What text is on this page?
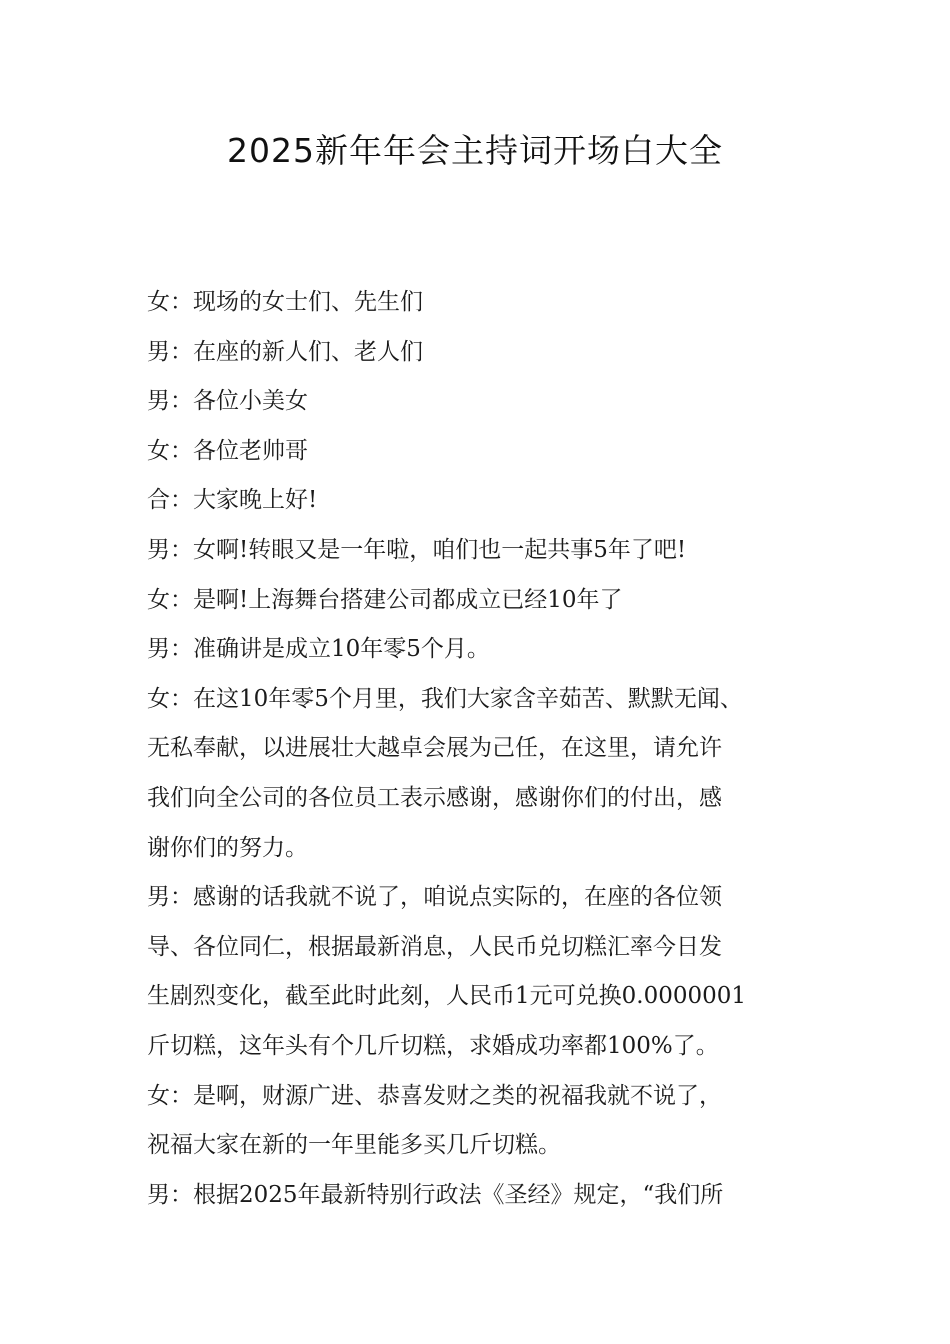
2025新年年会主持词开场白大全
女：现场的女士们、先生们
男：在座的新人们、老人们
男：各位小美女
女：各位老帅哥
合：大家晚上好!
男：女啊!转眼又是一年啦，咱们也一起共事5年了吧!
女：是啊!上海舞台搭建公司都成立已经10年了
男：准确讲是成立10年零5个月。
女：在这10年零5个月里，我们大家含辛茹苦、默默无闻、
无私奉献，以进展壮大越卓会展为己任，在这里，请允许
我们向全公司的各位员工表示感谢，感谢你们的付出，感
谢你们的努力。
男：感谢的话我就不说了，咱说点实际的，在座的各位领
导、各位同仁，根据最新消息，人民币兑切糕汇率今日发
生剧烈变化，截至此时此刻，人民币1元可兑换0.0000001
斤切糕，这年头有个几斤切糕，求婚成功率都100%了。
女：是啊，财源广进、恭喜发财之类的祝福我就不说了，
祝福大家在新的一年里能多买几斤切糕。
男：根据2025年最新特别行政法《圣经》规定，“我们所
